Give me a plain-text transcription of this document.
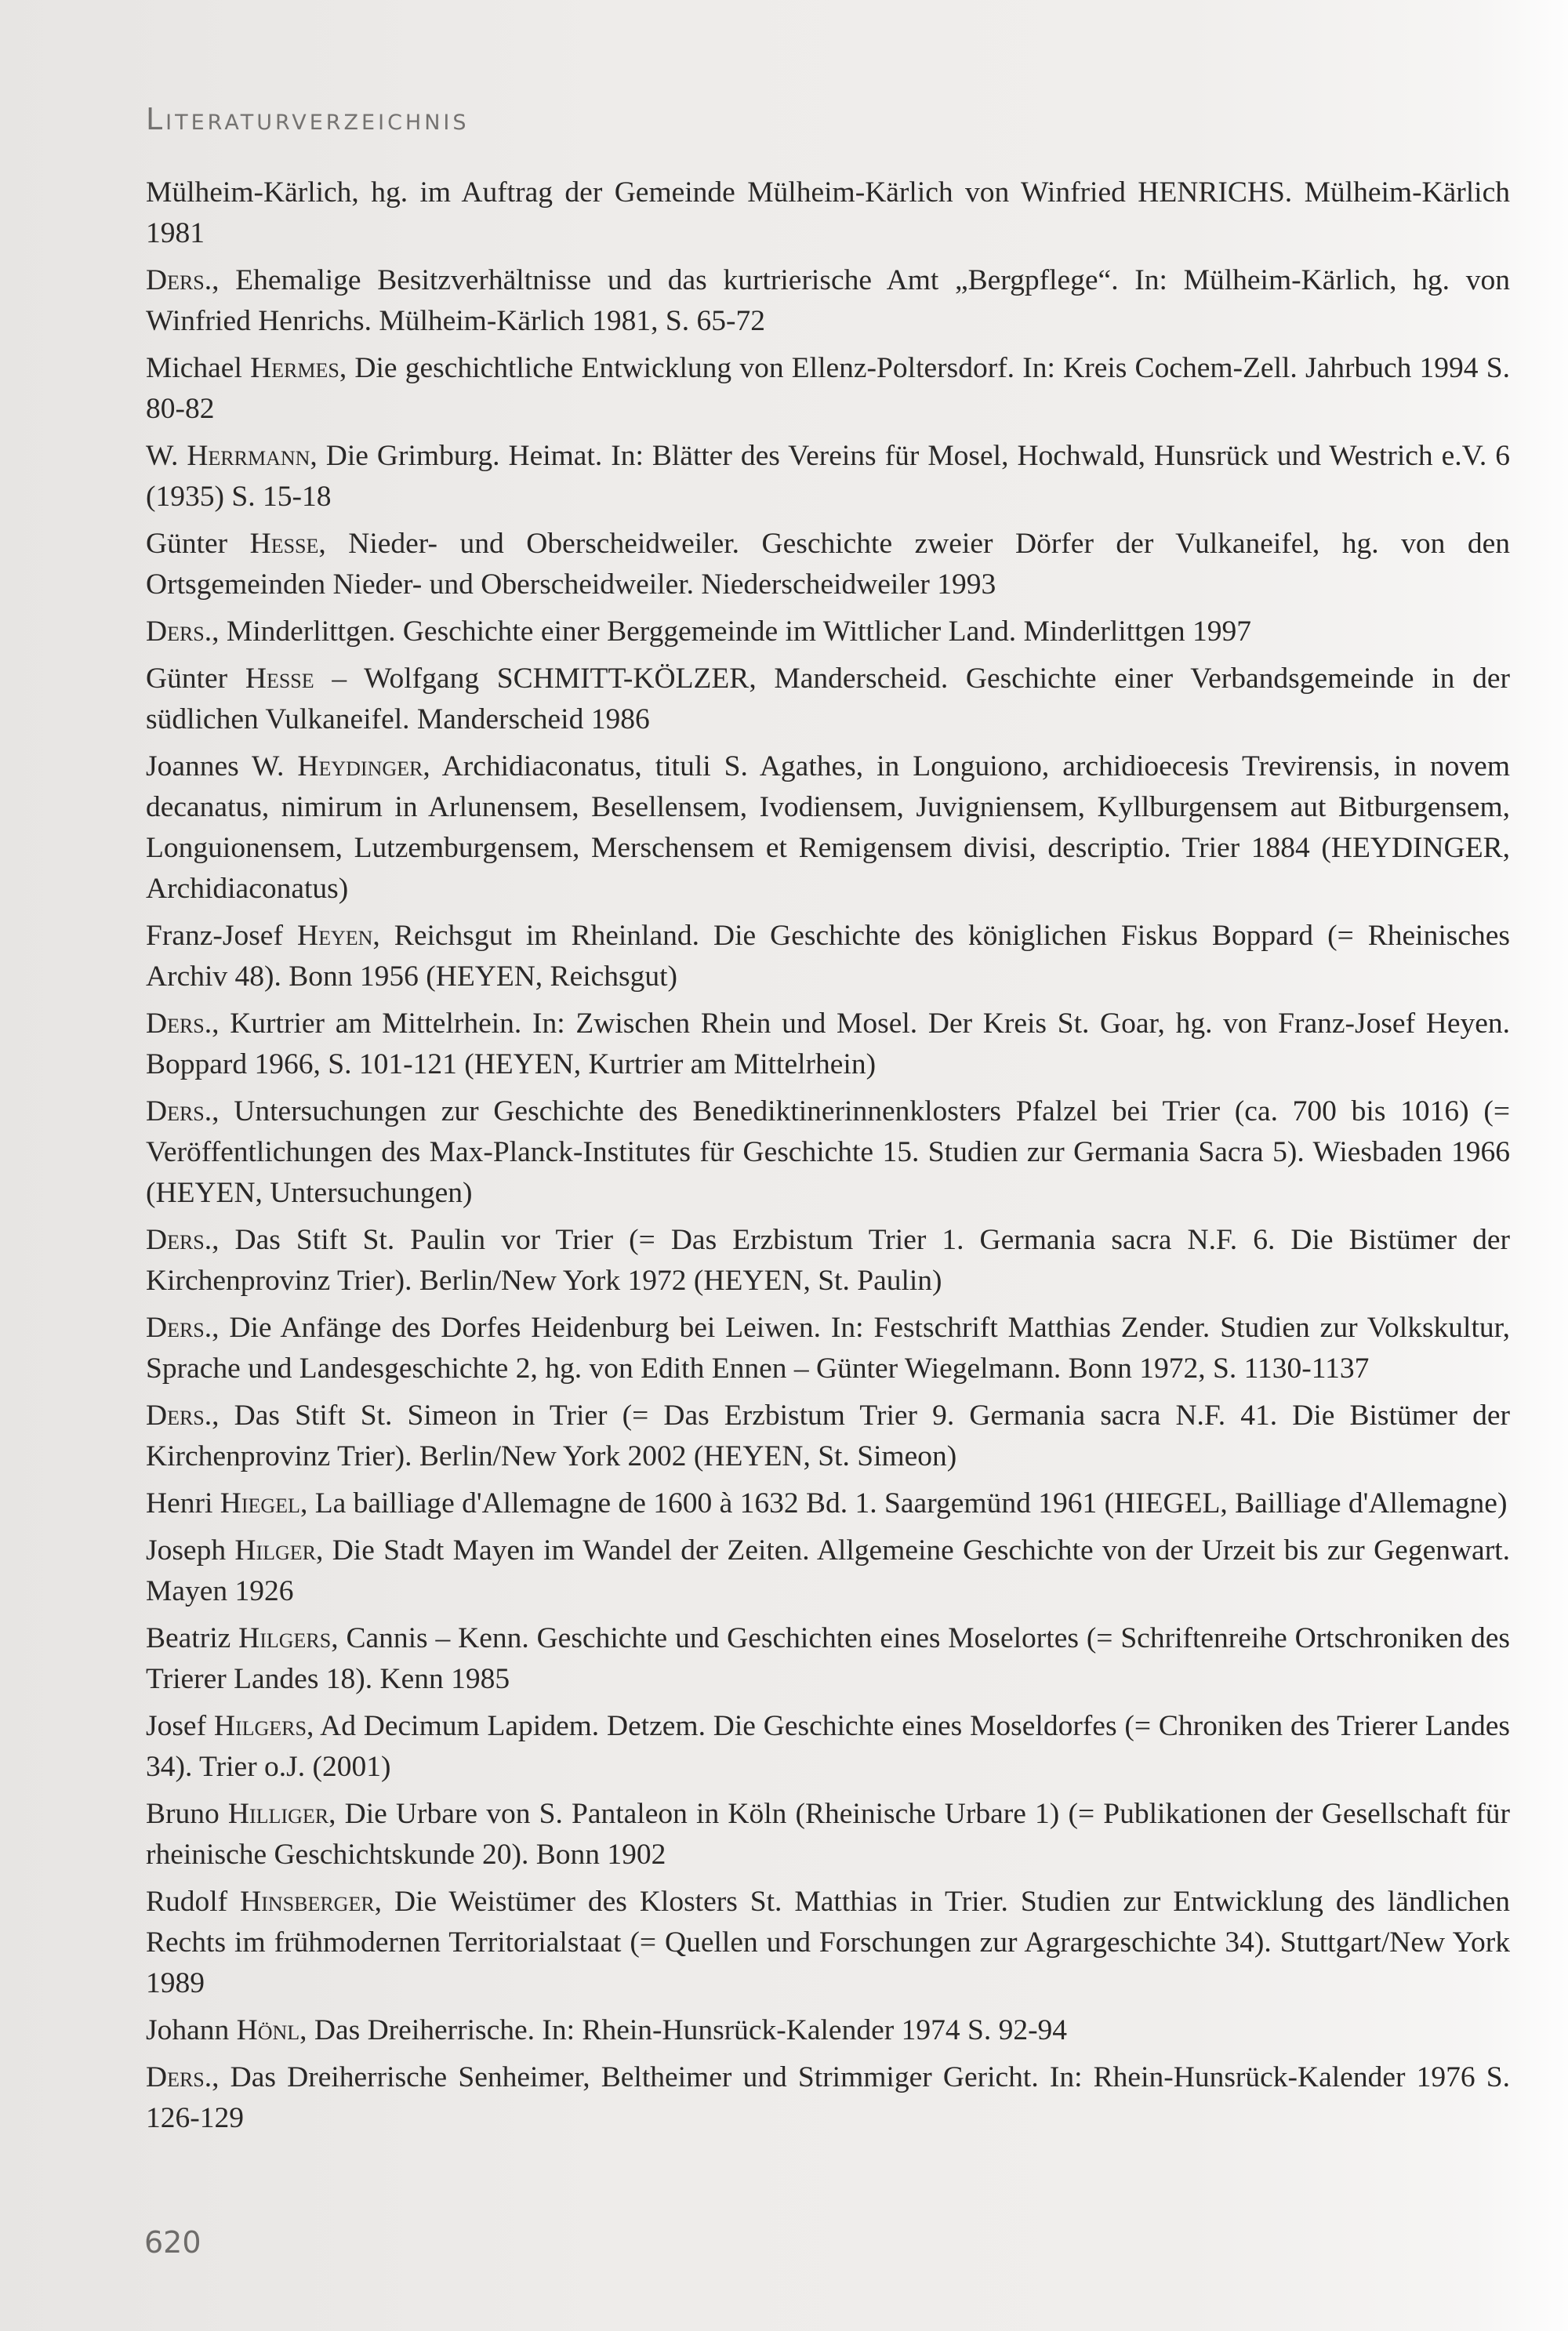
Literaturverzeichnis
Mülheim-Kärlich, hg. im Auftrag der Gemeinde Mülheim-Kärlich von Winfried HENRICHS. Mülheim-Kärlich 1981
Ders., Ehemalige Besitzverhältnisse und das kurtrierische Amt „Bergpflege“. In: Mülheim-Kärlich, hg. von Winfried Henrichs. Mülheim-Kärlich 1981, S. 65-72
Michael Hermes, Die geschichtliche Entwicklung von Ellenz-Poltersdorf. In: Kreis Cochem-Zell. Jahrbuch 1994 S. 80-82
W. Herrmann, Die Grimburg. Heimat. In: Blätter des Vereins für Mosel, Hochwald, Hunsrück und Westrich e.V. 6 (1935) S. 15-18
Günter Hesse, Nieder- und Oberscheidweiler. Geschichte zweier Dörfer der Vulkaneifel, hg. von den Ortsgemeinden Nieder- und Oberscheidweiler. Niederscheidweiler 1993
Ders., Minderlittgen. Geschichte einer Berggemeinde im Wittlicher Land. Minderlittgen 1997
Günter Hesse – Wolfgang SCHMITT-KÖLZER, Manderscheid. Geschichte einer Verbandsgemeinde in der südlichen Vulkaneifel. Manderscheid 1986
Joannes W. Heydinger, Archidiaconatus, tituli S. Agathes, in Longuiono, archidioecesis Trevirensis, in novem decanatus, nimirum in Arlunensem, Besellensem, Ivodiensem, Juvigniensem, Kyllburgensem aut Bitburgensem, Longuionensem, Lutzemburgensem, Merschensem et Remigensem divisi, descriptio. Trier 1884 (HEYDINGER, Archidiaconatus)
Franz-Josef Heyen, Reichsgut im Rheinland. Die Geschichte des königlichen Fiskus Boppard (= Rheinisches Archiv 48). Bonn 1956 (HEYEN, Reichsgut)
Ders., Kurtrier am Mittelrhein. In: Zwischen Rhein und Mosel. Der Kreis St. Goar, hg. von Franz-Josef Heyen. Boppard 1966, S. 101-121 (HEYEN, Kurtrier am Mittelrhein)
Ders., Untersuchungen zur Geschichte des Benediktinerinnenklosters Pfalzel bei Trier (ca. 700 bis 1016) (= Veröffentlichungen des Max-Planck-Institutes für Geschichte 15. Studien zur Germania Sacra 5). Wiesbaden 1966 (HEYEN, Untersuchungen)
Ders., Das Stift St. Paulin vor Trier (= Das Erzbistum Trier 1. Germania sacra N.F. 6. Die Bistümer der Kirchenprovinz Trier). Berlin/New York 1972 (HEYEN, St. Paulin)
Ders., Die Anfänge des Dorfes Heidenburg bei Leiwen. In: Festschrift Matthias Zender. Studien zur Volkskultur, Sprache und Landesgeschichte 2, hg. von Edith Ennen – Günter Wiegelmann. Bonn 1972, S. 1130-1137
Ders., Das Stift St. Simeon in Trier (= Das Erzbistum Trier 9. Germania sacra N.F. 41. Die Bistümer der Kirchenprovinz Trier). Berlin/New York 2002 (HEYEN, St. Simeon)
Henri Hiegel, La bailliage d'Allemagne de 1600 à 1632 Bd. 1. Saargemünd 1961 (HIEGEL, Bailliage d'Allemagne)
Joseph Hilger, Die Stadt Mayen im Wandel der Zeiten. Allgemeine Geschichte von der Urzeit bis zur Gegenwart. Mayen 1926
Beatriz Hilgers, Cannis – Kenn. Geschichte und Geschichten eines Moselortes (= Schriftenreihe Ortschroniken des Trierer Landes 18). Kenn 1985
Josef Hilgers, Ad Decimum Lapidem. Detzem. Die Geschichte eines Moseldorfes (= Chroniken des Trierer Landes 34). Trier o.J. (2001)
Bruno Hilliger, Die Urbare von S. Pantaleon in Köln (Rheinische Urbare 1) (= Publikationen der Gesellschaft für rheinische Geschichtskunde 20). Bonn 1902
Rudolf Hinsberger, Die Weistümer des Klosters St. Matthias in Trier. Studien zur Entwicklung des ländlichen Rechts im frühmodernen Territorialstaat (= Quellen und Forschungen zur Agrargeschichte 34). Stuttgart/New York 1989
Johann Hönl, Das Dreiherrische. In: Rhein-Hunsrück-Kalender 1974 S. 92-94
Ders., Das Dreiherrische Senheimer, Beltheimer und Strimmiger Gericht. In: Rhein-Hunsrück-Kalender 1976 S. 126-129
620
